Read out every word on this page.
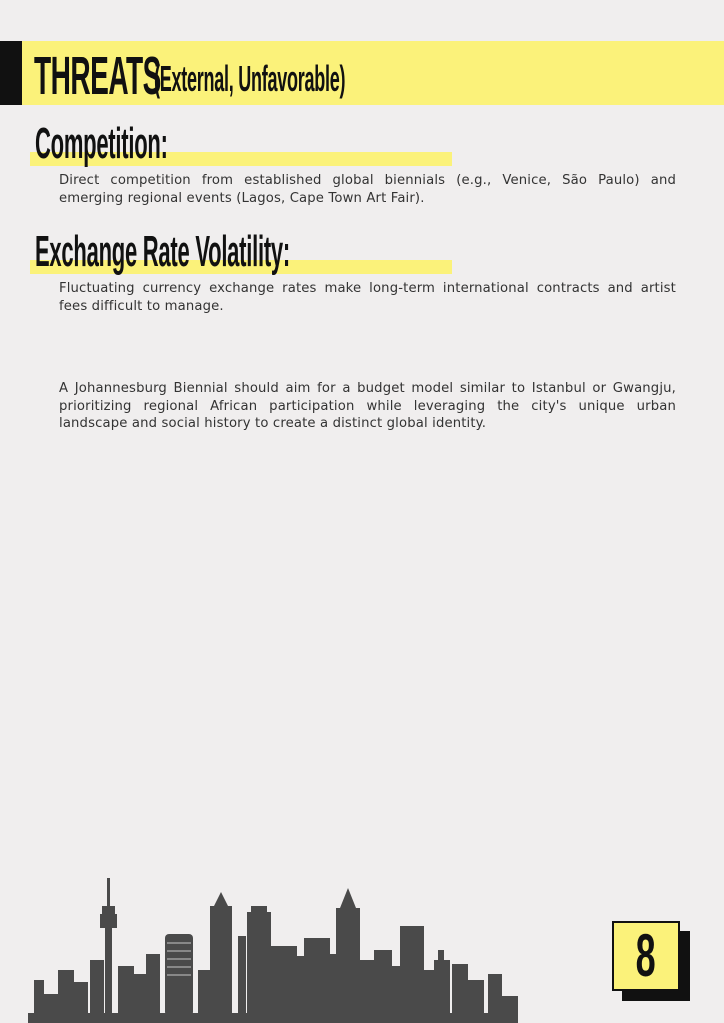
THREATS
(External, Unfavorable)
Competition:
Direct competition from established global biennials (e.g., Venice, São Paulo) and emerging regional events (Lagos, Cape Town Art Fair).
Exchange Rate Volatility:
Fluctuating currency exchange rates make long-term international contracts and artist fees difficult to manage.
A Johannesburg Biennial should aim for a budget model similar to Istanbul or Gwangju, prioritizing regional African participation while leveraging the city's unique urban landscape and social history to create a distinct global identity.
8
